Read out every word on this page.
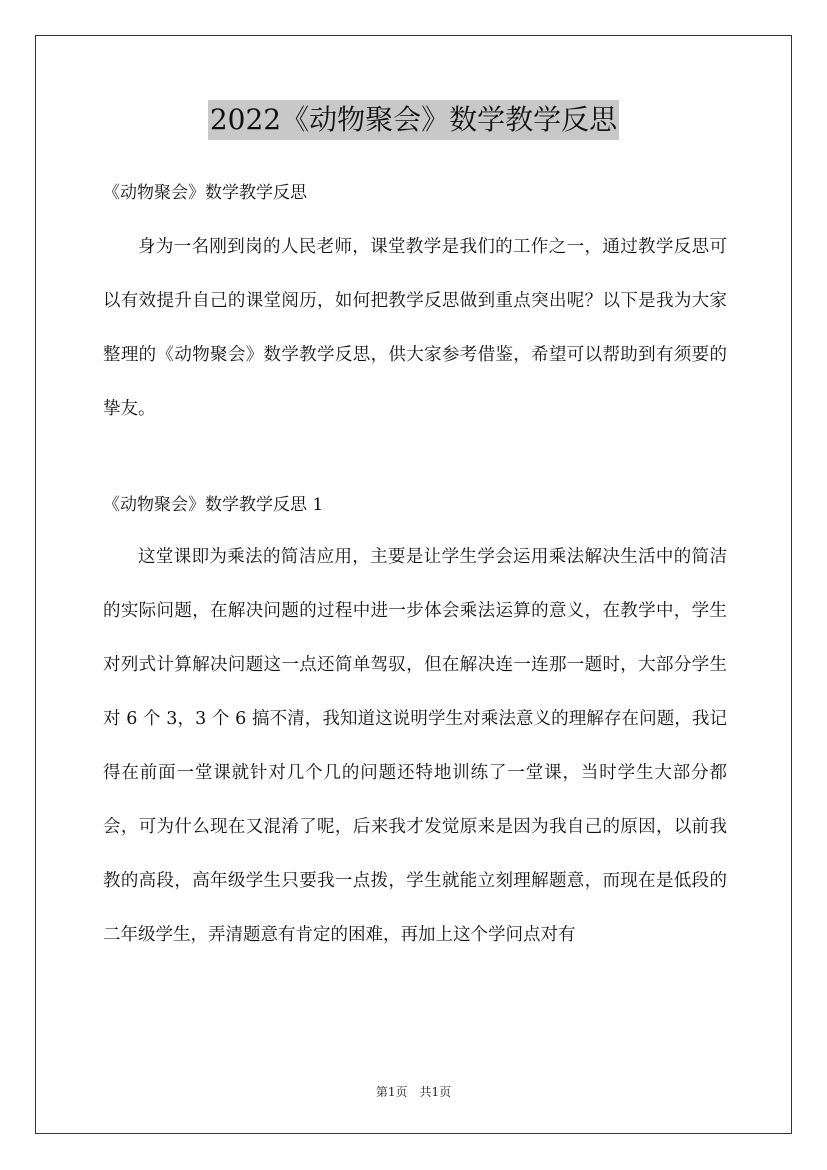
2022《动物聚会》数学教学反思

《动物聚会》数学教学反思

身为一名刚到岗的人民老师，课堂教学是我们的工作之一，通过教学反思可以有效提升自己的课堂阅历，如何把教学反思做到重点突出呢？以下是我为大家整理的《动物聚会》数学教学反思，供大家参考借鉴，希望可以帮助到有须要的挚友。

《动物聚会》数学教学反思 1

这堂课即为乘法的简洁应用，主要是让学生学会运用乘法解决生活中的简洁的实际问题，在解决问题的过程中进一步体会乘法运算的意义，在教学中，学生对列式计算解决问题这一点还简单驾驭，但在解决连一连那一题时，大部分学生对 6 个 3，3 个 6 搞不清，我知道这说明学生对乘法意义的理解存在问题，我记得在前面一堂课就针对几个几的问题还特地训练了一堂课，当时学生大部分都会，可为什么现在又混淆了呢，后来我才发觉原来是因为我自己的原因，以前我教的高段，高年级学生只要我一点拨，学生就能立刻理解题意，而现在是低段的二年级学生，弄清题意有肯定的困难，再加上这个学问点对有

第1页　共1页
